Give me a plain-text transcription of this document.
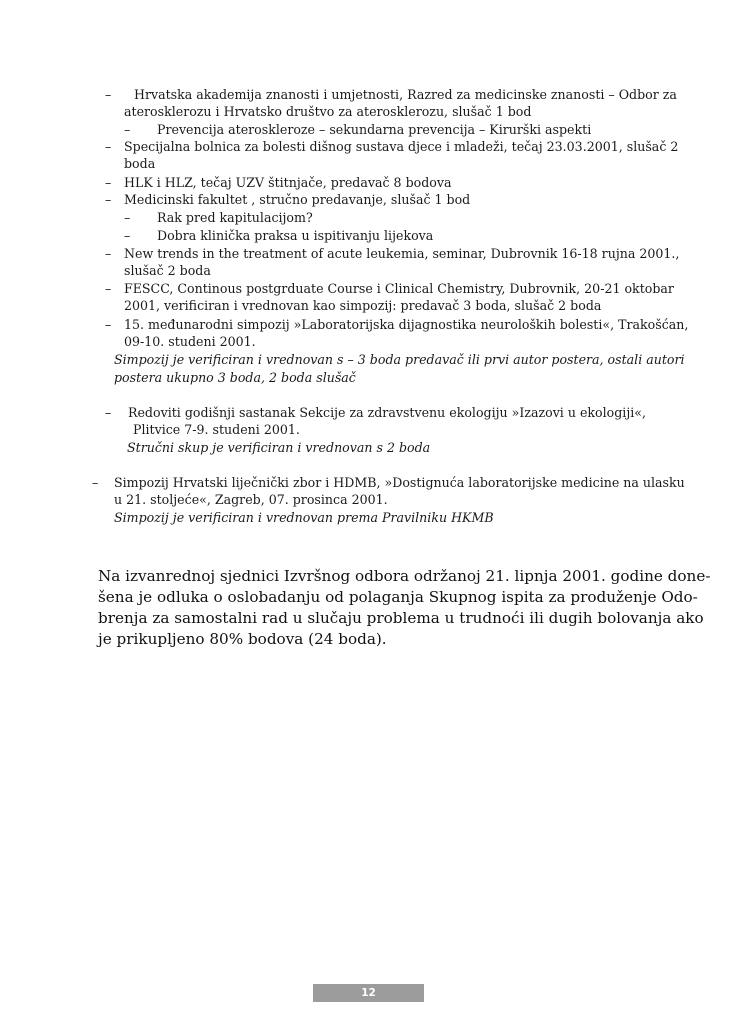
– Hrvatska akademija znanosti i umjetnosti, Razred za medicinske znanosti – Odbor za
aterosklerozu i Hrvatsko društvo za aterosklerozu, slušač 1 bod
– Prevencija ateroskleroze – sekundarna prevencija – Kirurški aspekti
– Specijalna bolnica za bolesti dišnog sustava djece i mladeži, tečaj 23.03.2001, slušač 2
boda
– HLK i HLZ, tečaj UZV štitnjače, predavač 8 bodova
– Medicinski fakultet , stručno predavanje, slušač 1 bod
– Rak pred kapitulacijom?
– Dobra klinička praksa u ispitivanju lijekova
– New trends in the treatment of acute leukemia, seminar, Dubrovnik 16-18 rujna 2001.,
slušač 2 boda
– FESCC, Continous postgrduate Course i Clinical Chemistry, Dubrovnik, 20-21 oktobar
2001, verificiran i vrednovan kao simpozij: predavač 3 boda, slušač 2 boda
– 15. međunarodni simpozij »Laboratorijska dijagnostika neuroloških bolesti«, Trakošćan,
09-10. studeni 2001.
Simpozij je verificiran i vrednovan s – 3 boda predavač ili prvi autor postera, ostali autori
postera ukupno 3 boda, 2 boda slušač
– Redoviti godišnji sastanak Sekcije za zdravstvenu ekologiju »Izazovi u ekologiji«,
Plitvice 7-9. studeni 2001.
Stručni skup je verificiran i vrednovan s 2 boda
– Simpozij Hrvatski liječnički zbor i HDMB, »Dostignuća laboratorijske medicine na ulasku
u 21. stoljeće«, Zagreb, 07. prosinca 2001.
Simpozij je verificiran i vrednovan prema Pravilniku HKMB
Na izvanrednoj sjednici Izvršnog odbora održanoj 21. lipnja 2001. godine done-
šena je odluka o oslobadanju od polaganja Skupnog ispita za produženje Odo-
brenja za samostalni rad u slučaju problema u trudnoći ili dugih bolovanja ako
je prikupljeno 80% bodova (24 boda).
12
